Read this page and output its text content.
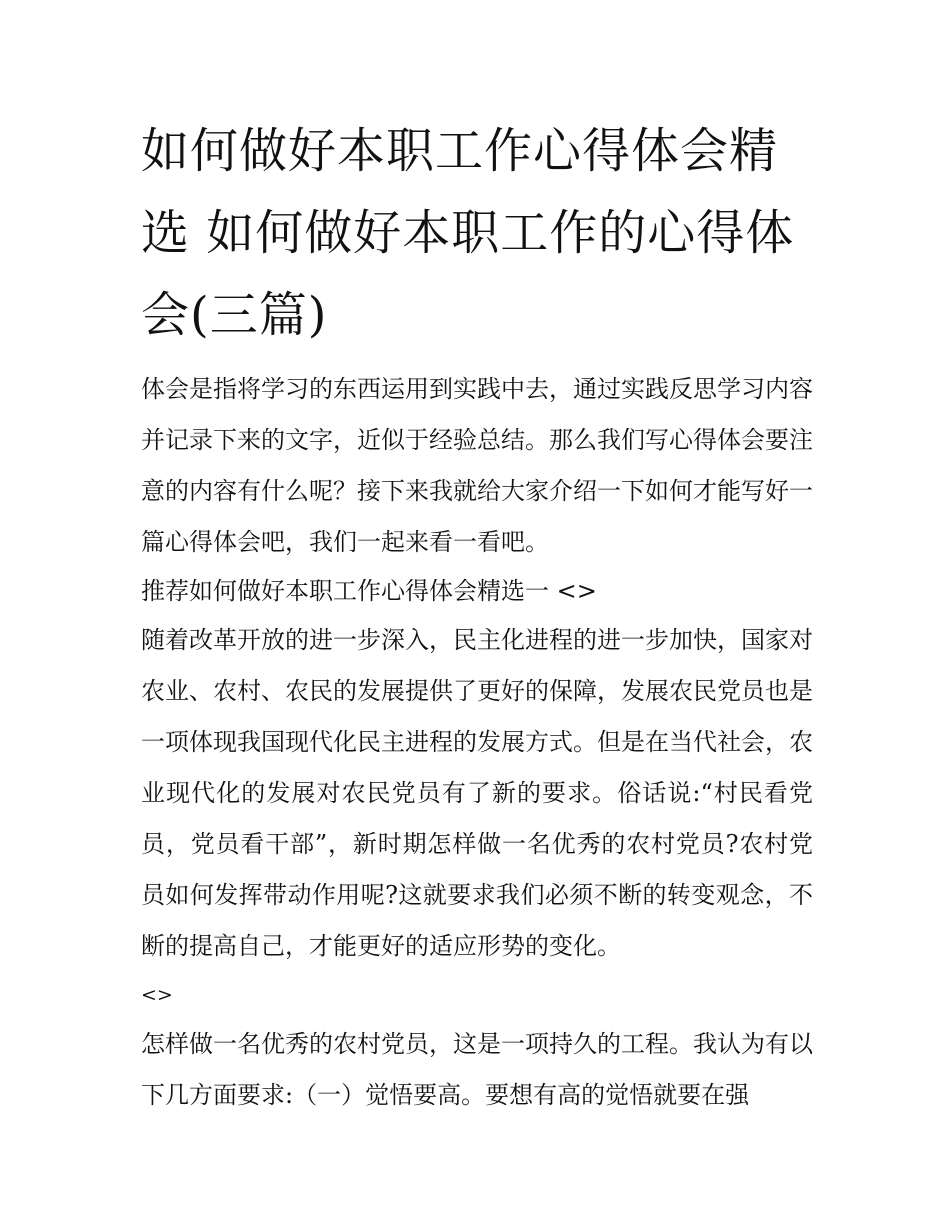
如何做好本职工作心得体会精选 如何做好本职工作的心得体会(三篇)

体会是指将学习的东西运用到实践中去，通过实践反思学习内容并记录下来的文字，近似于经验总结。那么我们写心得体会要注意的内容有什么呢？接下来我就给大家介绍一下如何才能写好一篇心得体会吧，我们一起来看一看吧。

推荐如何做好本职工作心得体会精选一 <>

随着改革开放的进一步深入，民主化进程的进一步加快，国家对农业、农村、农民的发展提供了更好的保障，发展农民党员也是一项体现我国现代化民主进程的发展方式。但是在当代社会，农业现代化的发展对农民党员有了新的要求。俗话说:“村民看党员，党员看干部”，新时期怎样做一名优秀的农村党员?农村党员如何发挥带动作用呢?这就要求我们必须不断的转变观念，不断的提高自己，才能更好的适应形势的变化。

<>

怎样做一名优秀的农村党员，这是一项持久的工程。我认为有以下几方面要求:（一）觉悟要高。要想有高的觉悟就要在强
